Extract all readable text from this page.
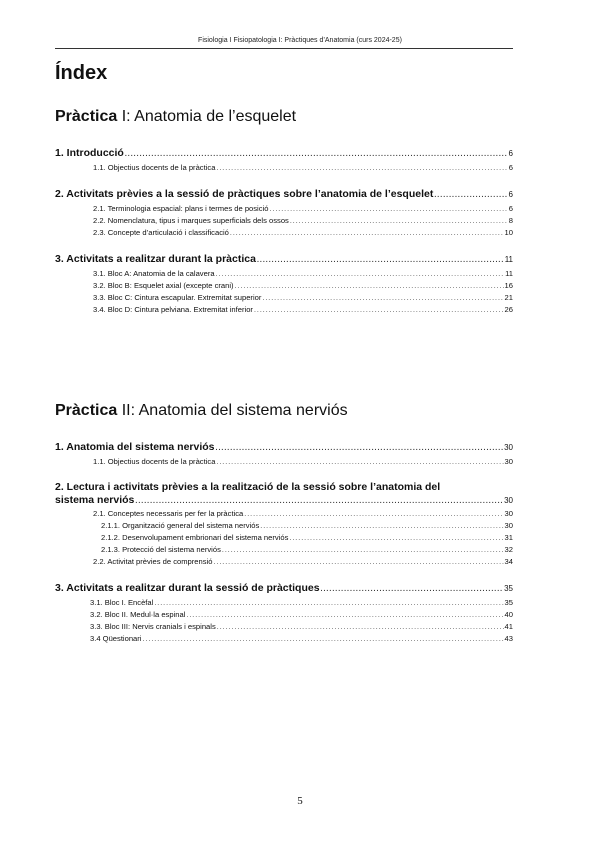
Fisiologia I Fisiopatologia I: Pràctiques d’Anatomia (curs 2024-25)
Índex
Pràctica I: Anatomia de l’esquelet
1. Introducció .....	6
1.1. Objectius docents de la pràctica .....	6
2. Activitats prèvies a la sessió de pràctiques sobre l’anatomia de l’esquelet .....	6
2.1. Terminologia espacial: plans i termes de posició .....	6
2.2. Nomenclatura, tipus i marques superficials dels ossos .....	8
2.3. Concepte d’articulació i classificació .....	10
3. Activitats a realitzar durant la pràctica .....	11
3.1. Bloc A: Anatomia de la calavera .....	11
3.2. Bloc B: Esquelet axial (excepte crani) .....	16
3.3. Bloc C: Cintura escapular. Extremitat superior .....	21
3.4. Bloc D: Cintura pelviana. Extremitat inferior .....	26
Pràctica II: Anatomia del sistema nerviós
1. Anatomia del sistema nerviós .....	30
1.1. Objectius docents de la pràctica .....	30
2. Lectura i activitats prèvies a la realització de la sessió sobre l’anatomia del
sistema nerviós .....	30
2.1. Conceptes necessaris per fer la pràctica .....	30
2.1.1. Organització general del sistema nerviós .....	30
2.1.2. Desenvolupament embrionari del sistema nerviós .....	31
2.1.3. Protecció del sistema nerviós .....	32
2.2. Activitat prèvies de comprensió .....	34
3. Activitats a realitzar durant la sessió de pràctiques .....	35
3.1. Bloc I. Encèfal .....	35
3.2. Bloc II. Medul·la espinal .....	40
3.3. Bloc III: Nervis cranials i espinals .....	41
3.4 Qüestionari .....	43
5
